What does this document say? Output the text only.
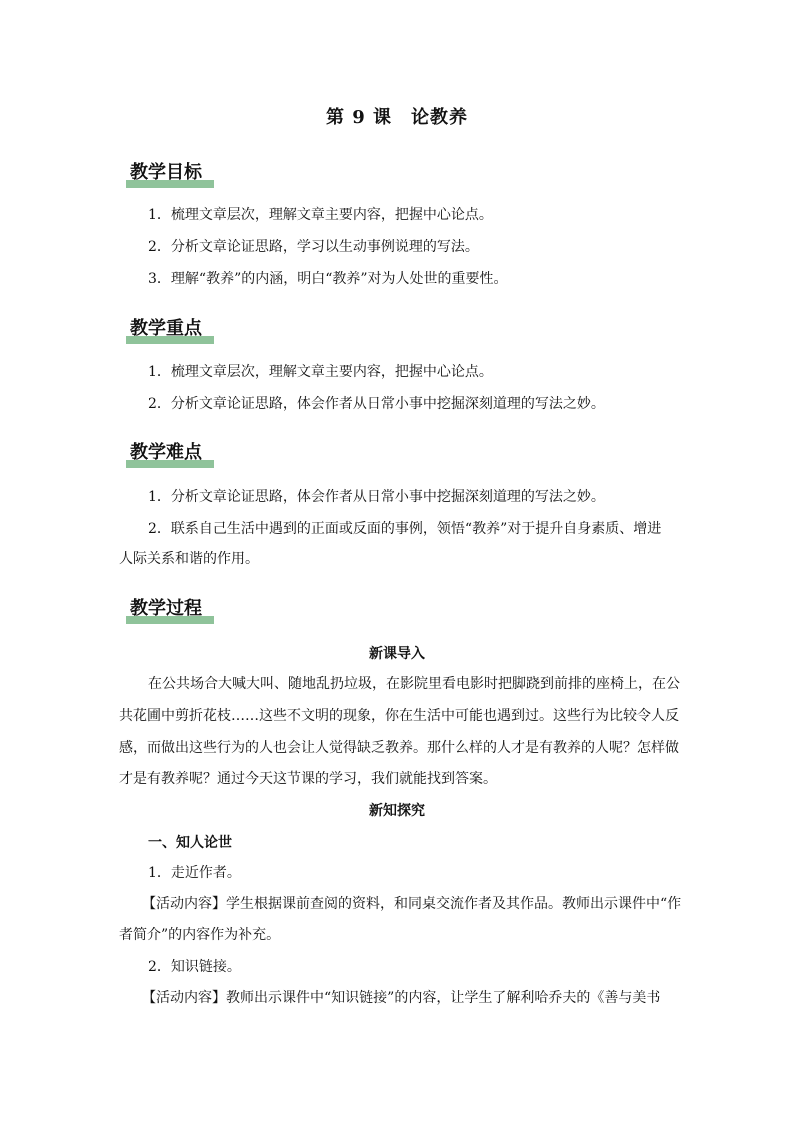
第 9 课　论教养
教学目标
1．梳理文章层次，理解文章主要内容，把握中心论点。
2．分析文章论证思路，学习以生动事例说理的写法。
3．理解“教养”的内涵，明白“教养”对为人处世的重要性。
教学重点
1．梳理文章层次，理解文章主要内容，把握中心论点。
2．分析文章论证思路，体会作者从日常小事中挖掘深刻道理的写法之妙。
教学难点
1．分析文章论证思路，体会作者从日常小事中挖掘深刻道理的写法之妙。
2．联系自己生活中遇到的正面或反面的事例，领悟“教养”对于提升自身素质、增进
人际关系和谐的作用。
教学过程
新课导入
在公共场合大喊大叫、随地乱扔垃圾，在影院里看电影时把脚跷到前排的座椅上，在公
共花圃中剪折花枝……这些不文明的现象，你在生活中可能也遇到过。这些行为比较令人反
感，而做出这些行为的人也会让人觉得缺乏教养。那什么样的人才是有教养的人呢？怎样做
才是有教养呢？通过今天这节课的学习，我们就能找到答案。
新知探究
一、知人论世
1．走近作者。
【活动内容】学生根据课前查阅的资料，和同桌交流作者及其作品。教师出示课件中“作
者简介”的内容作为补充。
2．知识链接。
【活动内容】教师出示课件中“知识链接”的内容，让学生了解利哈乔夫的《善与美书
